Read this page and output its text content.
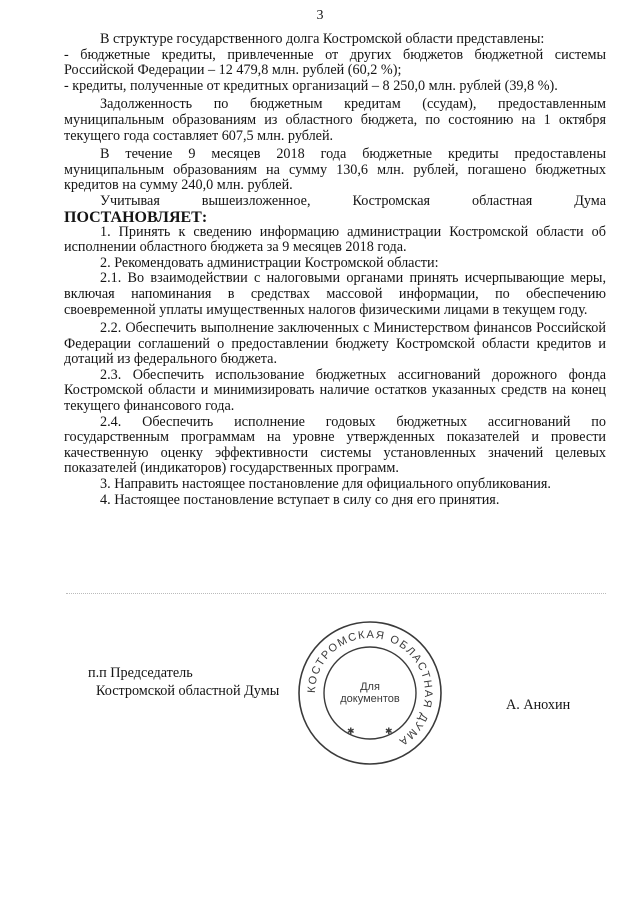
3

В структуре государственного долга Костромской области представлены:

- бюджетные кредиты, привлеченные от других бюджетов бюджетной системы Российской Федерации – 12 479,8 млн. рублей (60,2 %);

- кредиты, полученные от кредитных организаций – 8 250,0 млн. рублей (39,8 %).

Задолженность по бюджетным кредитам (ссудам), предоставленным муниципальным образованиям из областного бюджета, по состоянию на 1 октября текущего года составляет 607,5 млн. рублей.

В течение 9 месяцев 2018 года бюджетные кредиты предоставлены муниципальным образованиям на сумму 130,6 млн. рублей, погашено бюджетных кредитов на сумму 240,0 млн. рублей.

Учитывая вышеизложенное, Костромская областная Дума

ПОСТАНОВЛЯЕТ:

1. Принять к сведению информацию администрации Костромской области об исполнении областного бюджета за 9 месяцев 2018 года.

2. Рекомендовать администрации Костромской области:

2.1. Во взаимодействии с налоговыми органами принять исчерпывающие меры, включая напоминания в средствах массовой информации, по обеспечению своевременной уплаты имущественных налогов физическими лицами в текущем году.

2.2. Обеспечить выполнение заключенных с Министерством финансов Российской Федерации соглашений о предоставлении бюджету Костромской области кредитов и дотаций из федерального бюджета.

2.3. Обеспечить использование бюджетных ассигнований дорожного фонда Костромской области и минимизировать наличие остатков указанных средств на конец текущего финансового года.

2.4. Обеспечить исполнение годовых бюджетных ассигнований по государственным программам на уровне утвержденных показателей и провести качественную оценку эффективности системы установленных значений целевых показателей (индикаторов) государственных программ.

3. Направить настоящее постановление для официального опубликования.

4. Настоящее постановление вступает в силу со дня его принятия.

п.п Председатель
Костромской областной Думы КОСТРОМСКАЯ ОБЛАСТНАЯ ДУМА
Для
документов
✱	✱
А. Анохин
